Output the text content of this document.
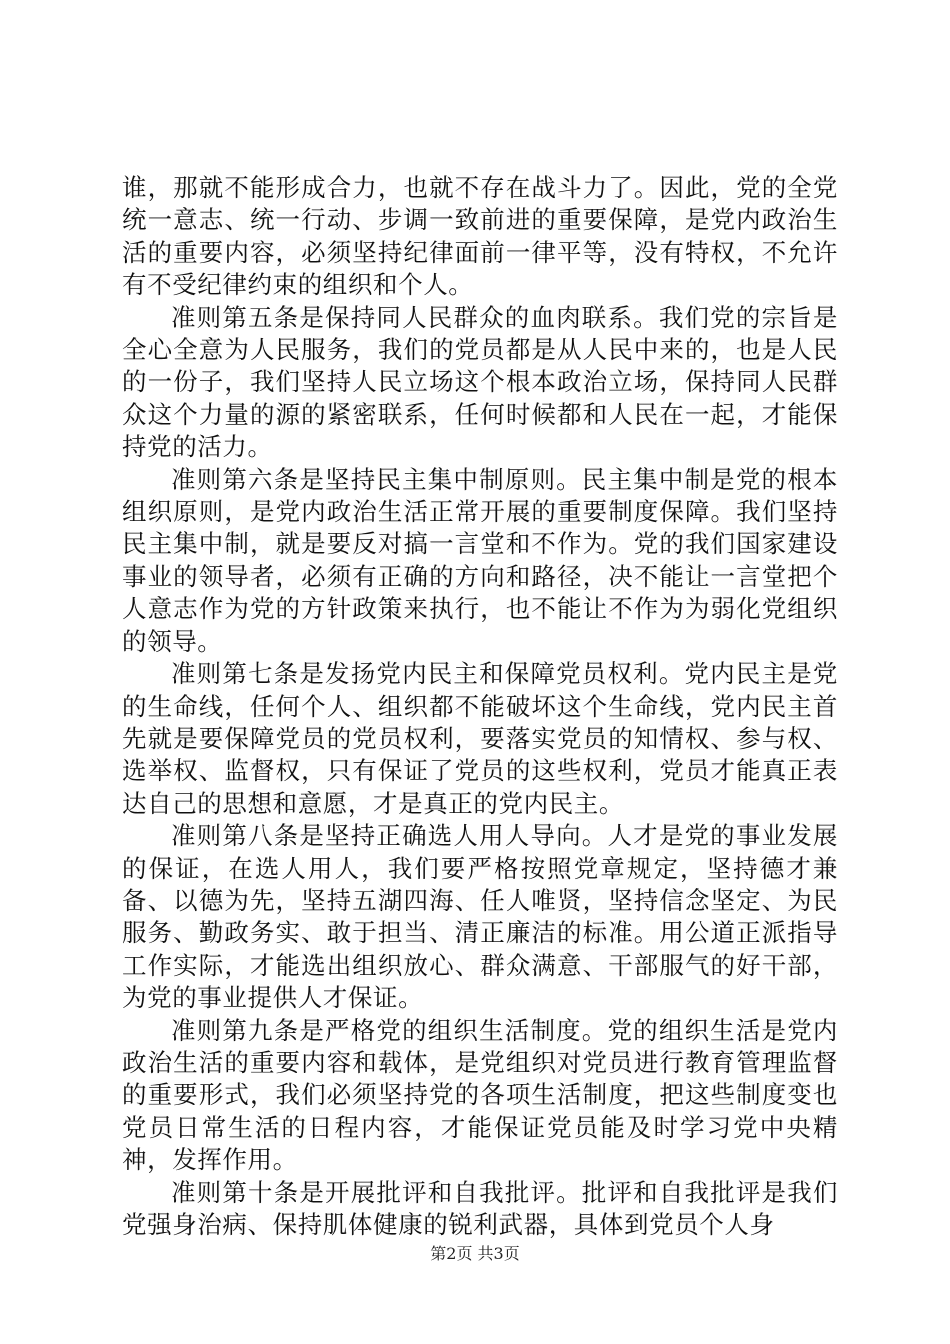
谁，那就不能形成合力，也就不存在战斗力了。因此，党的全党统一意志、统一行动、步调一致前进的重要保障，是党内政治生活的重要内容，必须坚持纪律面前一律平等，没有特权，不允许有不受纪律约束的组织和个人。

准则第五条是保持同人民群众的血肉联系。我们党的宗旨是全心全意为人民服务，我们的党员都是从人民中来的，也是人民的一份子，我们坚持人民立场这个根本政治立场，保持同人民群众这个力量的源的紧密联系，任何时候都和人民在一起，才能保持党的活力。

准则第六条是坚持民主集中制原则。民主集中制是党的根本组织原则，是党内政治生活正常开展的重要制度保障。我们坚持民主集中制，就是要反对搞一言堂和不作为。党的我们国家建设事业的领导者，必须有正确的方向和路径，决不能让一言堂把个人意志作为党的方针政策来执行，也不能让不作为为弱化党组织的领导。

准则第七条是发扬党内民主和保障党员权利。党内民主是党的生命线，任何个人、组织都不能破坏这个生命线，党内民主首先就是要保障党员的党员权利，要落实党员的知情权、参与权、选举权、监督权，只有保证了党员的这些权利，党员才能真正表达自己的思想和意愿，才是真正的党内民主。

准则第八条是坚持正确选人用人导向。人才是党的事业发展的保证，在选人用人，我们要严格按照党章规定，坚持德才兼备、以德为先，坚持五湖四海、任人唯贤，坚持信念坚定、为民服务、勤政务实、敢于担当、清正廉洁的标准。用公道正派指导工作实际，才能选出组织放心、群众满意、干部服气的好干部，为党的事业提供人才保证。

准则第九条是严格党的组织生活制度。党的组织生活是党内政治生活的重要内容和载体，是党组织对党员进行教育管理监督的重要形式，我们必须坚持党的各项生活制度，把这些制度变也党员日常生活的日程内容，才能保证党员能及时学习党中央精神，发挥作用。

准则第十条是开展批评和自我批评。批评和自我批评是我们党强身治病、保持肌体健康的锐利武器，具体到党员个人身

第2页 共3页
